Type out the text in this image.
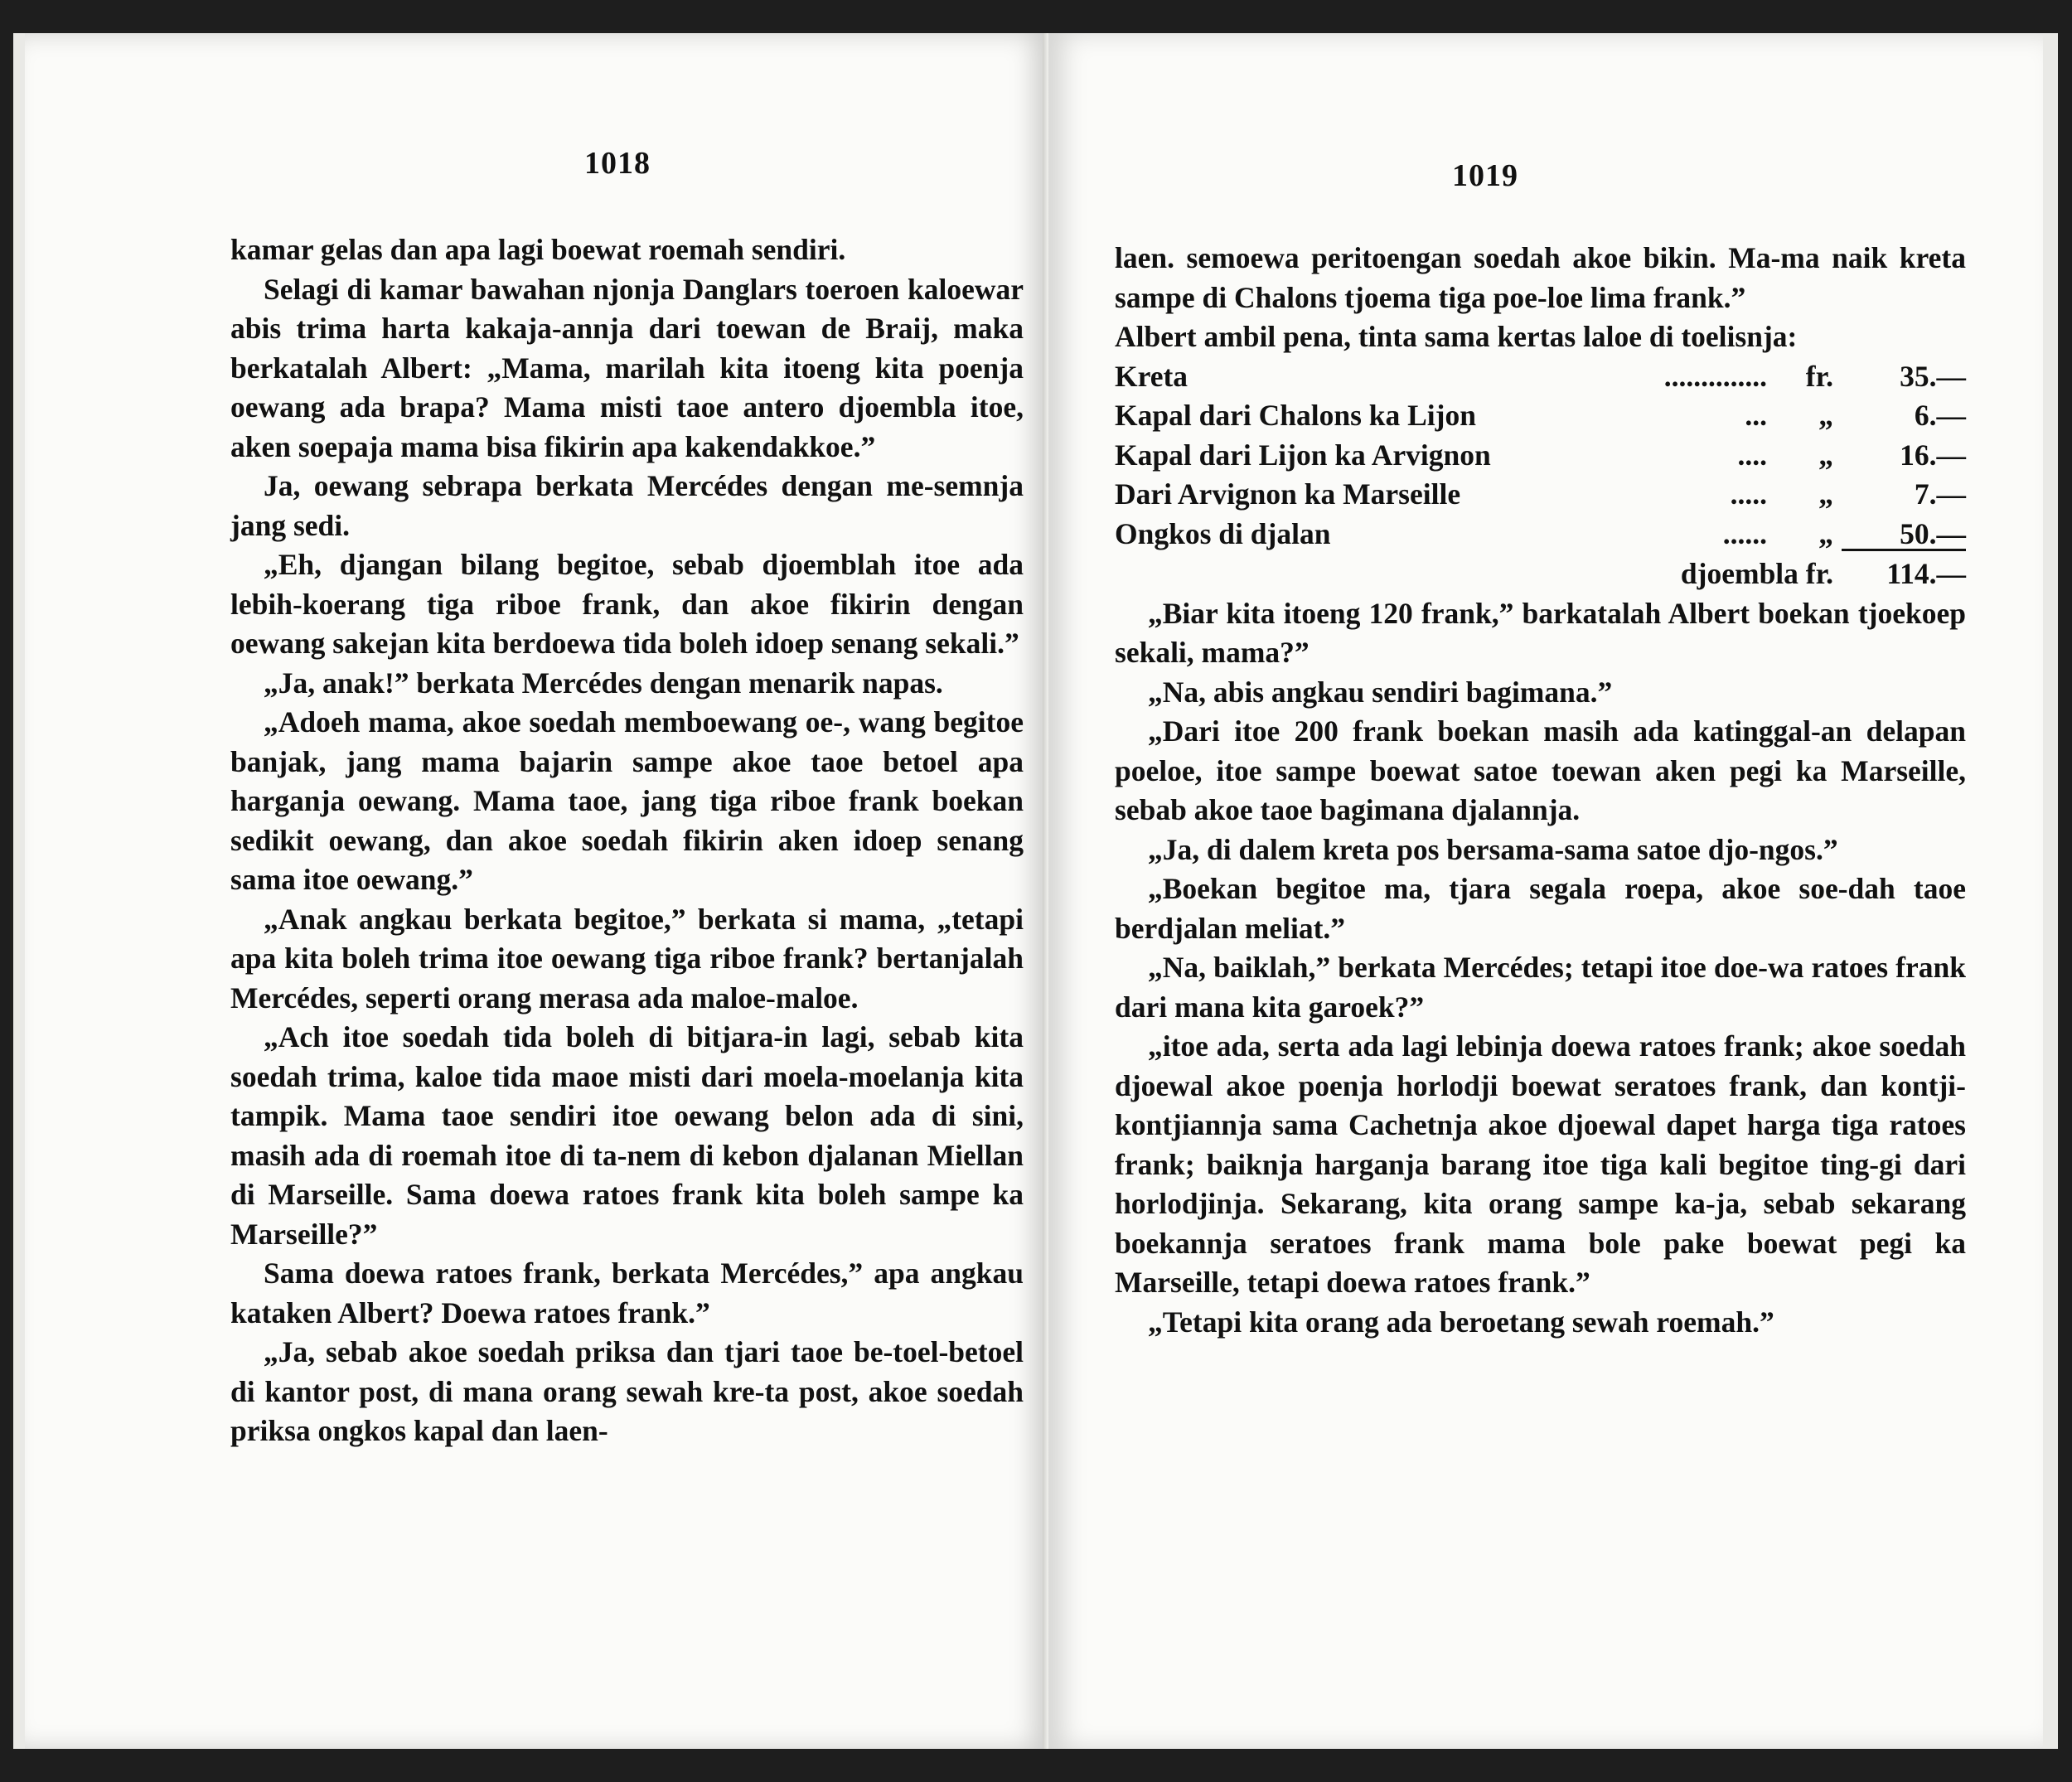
1018

kamar gelas dan apa lagi boewat roemah sendiri.

Selagi di kamar bawahan njonja Danglars toeroen kaloewar abis trima harta kakaja-annja dari toewan de Braij, maka berkatalah Albert: „Mama, marilah kita itoeng kita poenja oewang ada brapa? Mama misti taoe antero djoembla itoe, aken soepaja mama bisa fikirin apa kakendakkoe.”

Ja, oewang sebrapa berkata Mercédes dengan me-semnja jang sedi.

„Eh, djangan bilang begitoe, sebab djoemblah itoe ada lebih-koerang tiga riboe frank, dan akoe fikirin dengan oewang sakejan kita berdoewa tida boleh idoep senang sekali.”

„Ja, anak!” berkata Mercédes dengan menarik napas.

„Adoeh mama, akoe soedah memboewang oe-, wang begitoe banjak, jang mama bajarin sampe akoe taoe betoel apa harganja oewang. Mama taoe, jang tiga riboe frank boekan sedikit oewang, dan akoe soedah fikirin aken idoep senang sama itoe oewang.”

„Anak angkau berkata begitoe,” berkata si mama, „tetapi apa kita boleh trima itoe oewang tiga riboe frank? bertanjalah Mercédes, seperti orang merasa ada maloe-maloe.

„Ach itoe soedah tida boleh di bitjara-in lagi, sebab kita soedah trima, kaloe tida maoe misti dari moela-moelanja kita tampik. Mama taoe sendiri itoe oewang belon ada di sini, masih ada di roemah itoe di ta-nem di kebon djalanan Miellan di Marseille. Sama doewa ratoes frank kita boleh sampe ka Marseille?”

Sama doewa ratoes frank, berkata Mercédes,” apa angkau kataken Albert? Doewa ratoes frank.”

„Ja, sebab akoe soedah priksa dan tjari taoe be-toel-betoel di kantor post, di mana orang sewah kre-ta post, akoe soedah priksa ongkos kapal dan laen-

1019

laen. semoewa peritoengan soedah akoe bikin. Ma-ma naik kreta sampe di Chalons tjoema tiga poe-loe lima frank.”

Albert ambil pena, tinta sama kertas laloe di toelisnja:

Kreta	..............	fr.	35.—
Kapal dari Chalons ka Lijon	...	„	6.—
Kapal dari Lijon ka Arvignon	....	„	16.—
Dari Arvignon ka Marseille	.....	„	7.—
Ongkos di djalan	......	„	50.—
djoembla fr.	114.—

„Biar kita itoeng 120 frank,” barkatalah Albert boekan tjoekoep sekali, mama?”

„Na, abis angkau sendiri bagimana.”

„Dari itoe 200 frank boekan masih ada katinggal-an delapan poeloe, itoe sampe boewat satoe toewan aken pegi ka Marseille, sebab akoe taoe bagimana djalannja.

„Ja, di dalem kreta pos bersama-sama satoe djo-ngos.”

„Boekan begitoe ma, tjara segala roepa, akoe soe-dah taoe berdjalan meliat.”

„Na, baiklah,” berkata Mercédes; tetapi itoe doe-wa ratoes frank dari mana kita garoek?”

„itoe ada, serta ada lagi lebinja doewa ratoes frank; akoe soedah djoewal akoe poenja horlodji boewat seratoes frank, dan kontji-kontjiannja sama Cachetnja akoe djoewal dapet harga tiga ratoes frank; baiknja harganja barang itoe tiga kali begitoe ting-gi dari horlodjinja. Sekarang, kita orang sampe ka-ja, sebab sekarang boekannja seratoes frank mama bole pake boewat pegi ka Marseille, tetapi doewa ratoes frank.”

„Tetapi kita orang ada beroetang sewah roemah.”
